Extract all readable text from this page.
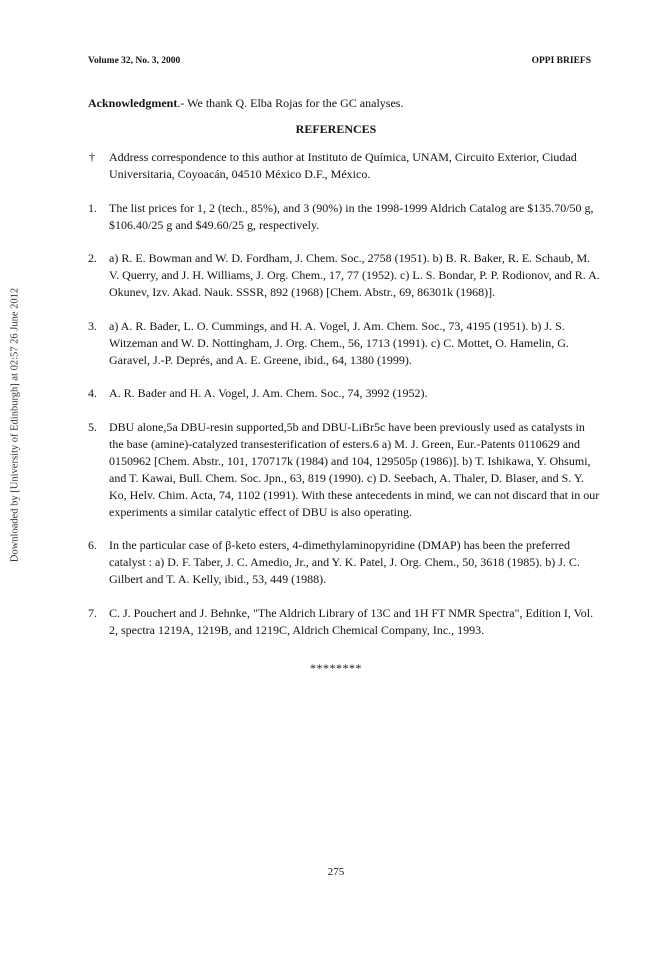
Volume 32, No. 3, 2000	OPPI BRIEFS
Acknowledgment.- We thank Q. Elba Rojas for the GC analyses.
REFERENCES
† Address correspondence to this author at Instituto de Química, UNAM, Circuito Exterior, Ciudad Universitaria, Coyoacán, 04510 México D.F., México.
1. The list prices for 1, 2 (tech., 85%), and 3 (90%) in the 1998-1999 Aldrich Catalog are $135.70/50 g, $106.40/25 g and $49.60/25 g, respectively.
2. a) R. E. Bowman and W. D. Fordham, J. Chem. Soc., 2758 (1951). b) B. R. Baker, R. E. Schaub, M. V. Querry, and J. H. Williams, J. Org. Chem., 17, 77 (1952). c) L. S. Bondar, P. P. Rodionov, and R. A. Okunev, Izv. Akad. Nauk. SSSR, 892 (1968) [Chem. Abstr., 69, 86301k (1968)].
3. a) A. R. Bader, L. O. Cummings, and H. A. Vogel, J. Am. Chem. Soc., 73, 4195 (1951). b) J. S. Witzeman and W. D. Nottingham, J. Org. Chem., 56, 1713 (1991). c) C. Mottet, O. Hamelin, G. Garavel, J.-P. Deprés, and A. E. Greene, ibid., 64, 1380 (1999).
4. A. R. Bader and H. A. Vogel, J. Am. Chem. Soc., 74, 3992 (1952).
5. DBU alone,5a DBU-resin supported,5b and DBU-LiBr5c have been previously used as catalysts in the base (amine)-catalyzed transesterification of esters.6 a) M. J. Green, Eur.-Patents 0110629 and 0150962 [Chem. Abstr., 101, 170717k (1984) and 104, 129505p (1986)]. b) T. Ishikawa, Y. Ohsumi, and T. Kawai, Bull. Chem. Soc. Jpn., 63, 819 (1990). c) D. Seebach, A. Thaler, D. Blaser, and S. Y. Ko, Helv. Chim. Acta, 74, 1102 (1991). With these antecedents in mind, we can not discard that in our experiments a similar catalytic effect of DBU is also operating.
6. In the particular case of β-keto esters, 4-dimethylaminopyridine (DMAP) has been the preferred catalyst : a) D. F. Taber, J. C. Amedio, Jr., and Y. K. Patel, J. Org. Chem., 50, 3618 (1985). b) J. C. Gilbert and T. A. Kelly, ibid., 53, 449 (1988).
7. C. J. Pouchert and J. Behnke, "The Aldrich Library of 13C and 1H FT NMR Spectra", Edition I, Vol. 2, spectra 1219A, 1219B, and 1219C, Aldrich Chemical Company, Inc., 1993.
********
275
Downloaded by [University of Edinburgh] at 02:57 26 June 2012
